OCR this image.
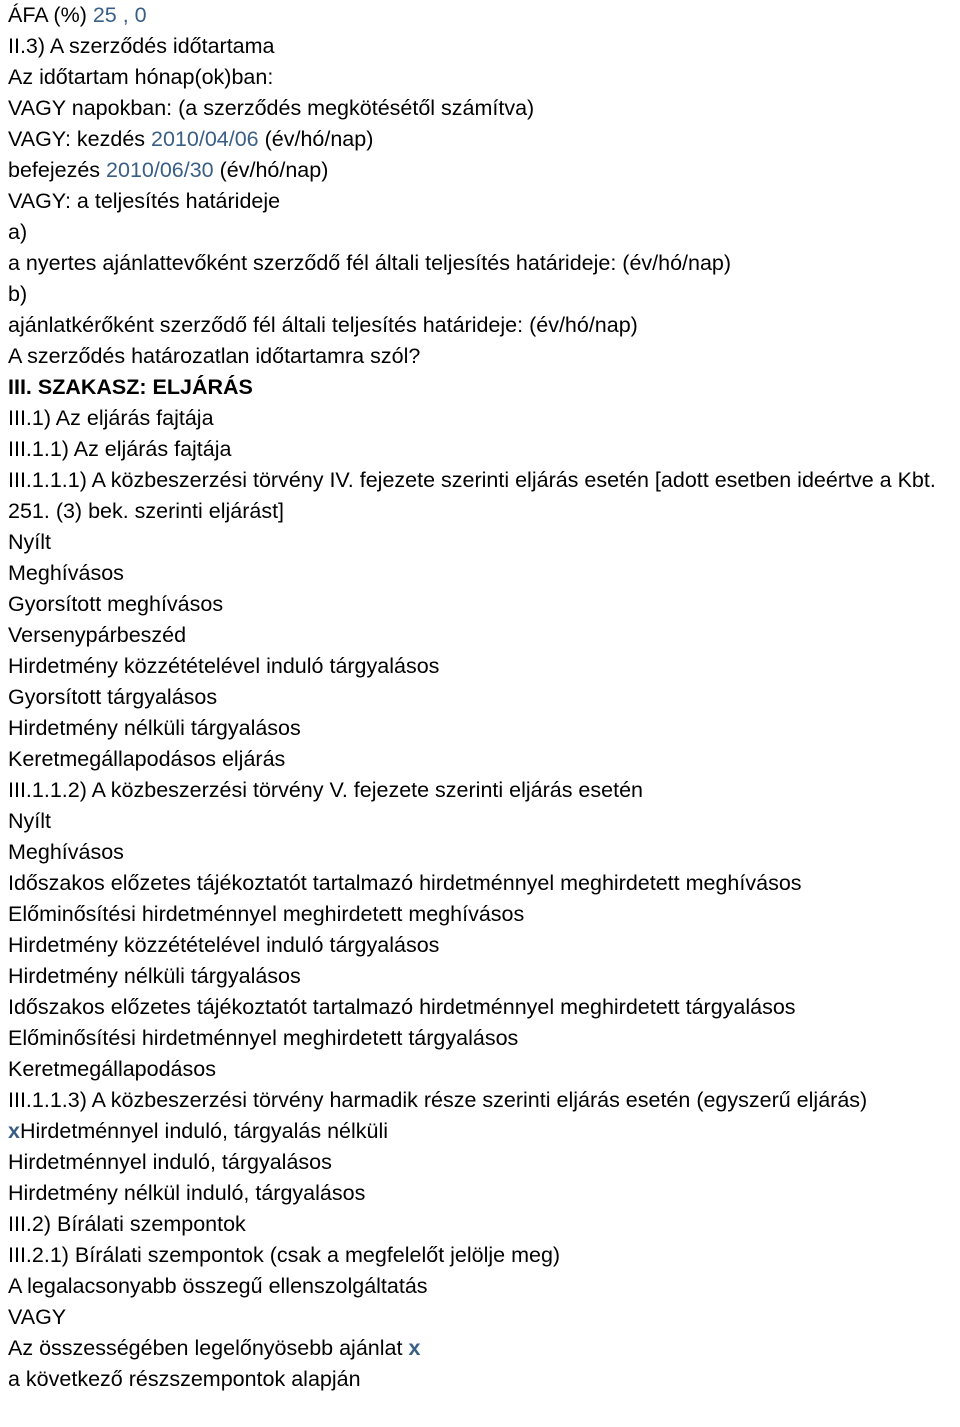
ÁFA (%) 25 , 0
II.3) A szerződés időtartama
Az időtartam hónap(ok)ban:
VAGY napokban: (a szerződés megkötésétől számítva)
VAGY: kezdés 2010/04/06 (év/hó/nap)
befejezés 2010/06/30 (év/hó/nap)
VAGY: a teljesítés határideje
a)
a nyertes ajánlattevőként szerződő fél általi teljesítés határideje: (év/hó/nap)
b)
ajánlatkérőként szerződő fél általi teljesítés határideje: (év/hó/nap)
A szerződés határozatlan időtartamra szól?
III. SZAKASZ: ELJÁRÁS
III.1) Az eljárás fajtája
III.1.1) Az eljárás fajtája
III.1.1.1) A közbeszerzési törvény IV. fejezete szerinti eljárás esetén [adott esetben ideértve a Kbt. 251. (3) bek. szerinti eljárást]
Nyílt
Meghívásos
Gyorsított meghívásos
Versenypárbeszéd
Hirdetmény közzétételével induló tárgyalásos
Gyorsított tárgyalásos
Hirdetmény nélküli tárgyalásos
Keretmegállapodásos eljárás
III.1.1.2) A közbeszerzési törvény V. fejezete szerinti eljárás esetén
Nyílt
Meghívásos
Időszakos előzetes tájékoztatót tartalmazó hirdetménnyel meghirdetett meghívásos
Előminősítési hirdetménnyel meghirdetett meghívásos
Hirdetmény közzétételével induló tárgyalásos
Hirdetmény nélküli tárgyalásos
Időszakos előzetes tájékoztatót tartalmazó hirdetménnyel meghirdetett tárgyalásos
Előminősítési hirdetménnyel meghirdetett tárgyalásos
Keretmegállapodásos
III.1.1.3) A közbeszerzési törvény harmadik része szerinti eljárás esetén (egyszerű eljárás)
xHirdetménnyel induló, tárgyalás nélküli
Hirdetménnyel induló, tárgyalásos
Hirdetmény nélkül induló, tárgyalásos
III.2) Bírálati szempontok
III.2.1) Bírálati szempontok (csak a megfelelőt jelölje meg)
A legalacsonyabb összegű ellenszolgáltatás
VAGY
Az összességében legelőnyösebb ajánlat x
a következő részszempontok alapján
